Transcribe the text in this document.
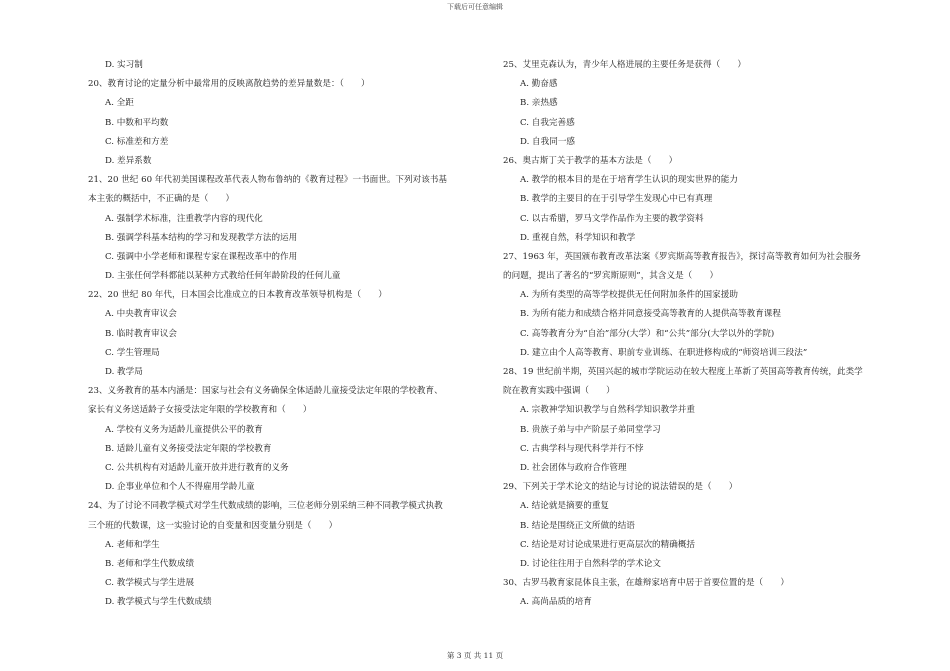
下载后可任意编辑
D. 实习制
20、教育讨论的定量分析中最常用的反映离散趋势的差异量数是：（　　）
A. 全距
B. 中数和平均数
C. 标准差和方差
D. 差异系数
21、20 世纪 60 年代初美国课程改革代表人物布鲁纳的《教育过程》一书面世。下列对该书基
本主张的概括中，不正确的是（　　）
A. 强制学术标准，注重教学内容的现代化
B. 强调学科基本结构的学习和发现教学方法的运用
C. 强调中小学老师和课程专家在课程改革中的作用
D. 主张任何学科都能以某种方式教给任何年龄阶段的任何儿童
22、20 世纪 80 年代，日本国会比准成立的日本教育改革领导机构是（　　）
A. 中央教育审议会
B. 临时教育审议会
C. 学生管理局
D. 教学局
23、义务教育的基本内涵是：国家与社会有义务确保全体适龄儿童接受法定年限的学校教育、
家长有义务送适龄子女接受法定年限的学校教育和（　　）
A. 学校有义务为适龄儿童提供公平的教育
B. 适龄儿童有义务接受法定年限的学校教育
C. 公共机构有对适龄儿童开放并进行教育的义务
D. 企事业单位和个人不得雇用学龄儿童
24、为了讨论不同教学模式对学生代数成绩的影响，三位老师分别采纳三种不同教学模式执教
三个班的代数课，这一实验讨论的自变量和因变量分别是（　　）
A. 老师和学生
B. 老师和学生代数成绩
C. 教学模式与学生进展
D. 教学模式与学生代数成绩
25、艾里克森认为，青少年人格进展的主要任务是获得（　　）
A. 勤奋感
B. 亲热感
C. 自我完善感
D. 自我同一感
26、奥古斯丁关于教学的基本方法是（　　）
A. 教学的根本目的是在于培育学生认识的现实世界的能力
B. 教学的主要目的在于引导学生发现心中已有真理
C. 以古希腊，罗马文学作品作为主要的教学资料
D. 重视自然，科学知识和教学
27、1963 年，英国颁布教育改革法案《罗宾斯高等教育报告》，探讨高等教育如何为社会服务
的问题，提出了著名的“罗宾斯原则”，其含义是（　　）
A. 为所有类型的高等学校提供无任何附加条件的国家援助
B. 为所有能力和成绩合格并同意接受高等教育的人提供高等教育课程
C. 高等教育分为“自治”部分(大学）和“公共”部分(大学以外的学院)
D. 建立由个人高等教育、职前专业训练、在职进修构成的“师资培训三段法”
28、19 世纪前半期，英国兴起的城市学院运动在较大程度上革新了英国高等教育传统，此类学
院在教育实践中强调（　　）
A. 宗教神学知识教学与自然科学知识教学并重
B. 贵族子弟与中产阶层子弟同堂学习
C. 古典学科与现代科学并行不悖
D. 社会团体与政府合作管理
29、下列关于学术论文的结论与讨论的说法错误的是（　　）
A. 结论就是摘要的重复
B. 结论是围绕正文所做的结语
C. 结论是对讨论成果进行更高层次的精确概括
D. 讨论往往用于自然科学的学术论文
30、古罗马教育家昆体良主张，在雄辩家培育中居于首要位置的是（　　）
A. 高尚品质的培育
第 3 页 共 11 页
